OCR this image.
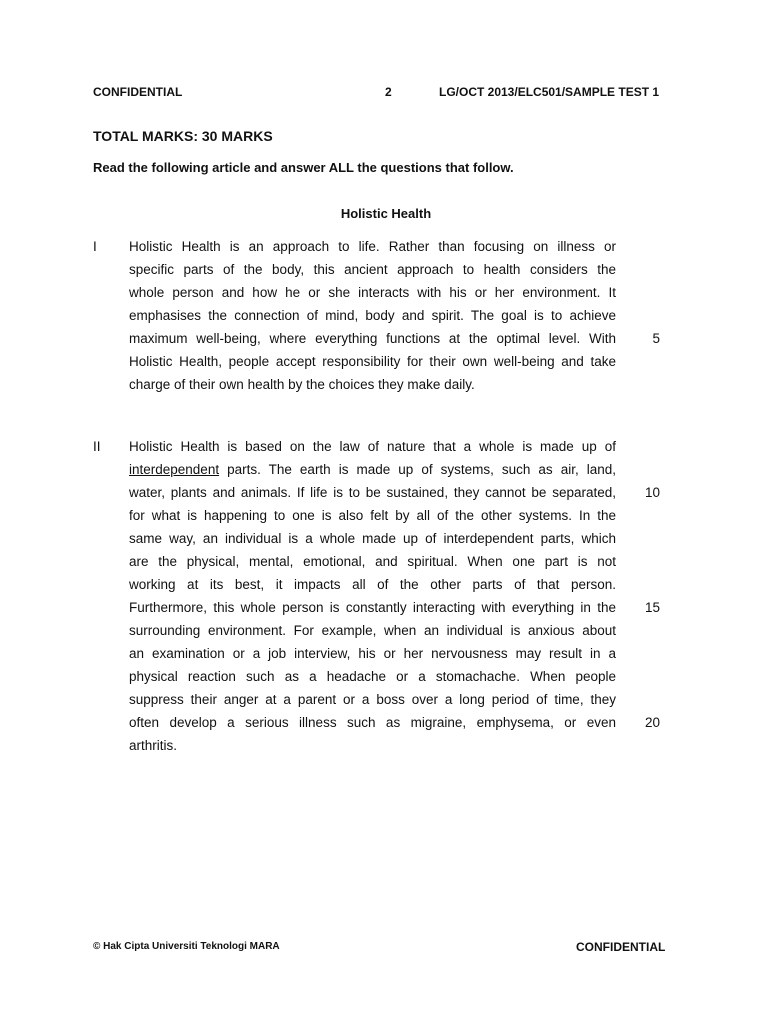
CONFIDENTIAL	2	LG/OCT 2013/ELC501/SAMPLE TEST 1
TOTAL MARKS: 30 MARKS
Read the following article and answer ALL the questions that follow.
Holistic Health
I Holistic Health is an approach to life. Rather than focusing on illness or
specific parts of the body, this ancient approach to health considers the
whole person and how he or she interacts with his or her environment. It
emphasises the connection of mind, body and spirit. The goal is to achieve
maximum well-being, where everything functions at the optimal level. With
Holistic Health, people accept responsibility for their own well-being and take
charge of their own health by the choices they make daily.
II Holistic Health is based on the law of nature that a whole is made up of
interdependent parts. The earth is made up of systems, such as air, land,
water, plants and animals. If life is to be sustained, they cannot be separated,
for what is happening to one is also felt by all of the other systems. In the
same way, an individual is a whole made up of interdependent parts, which
are the physical, mental, emotional, and spiritual. When one part is not
working at its best, it impacts all of the other parts of that person.
Furthermore, this whole person is constantly interacting with everything in the
surrounding environment. For example, when an individual is anxious about
an examination or a job interview, his or her nervousness may result in a
physical reaction such as a headache or a stomachache. When people
suppress their anger at a parent or a boss over a long period of time, they
often develop a serious illness such as migraine, emphysema, or even
arthritis.
5
10
15
20
© Hak Cipta Universiti Teknologi MARA	CONFIDENTIAL
